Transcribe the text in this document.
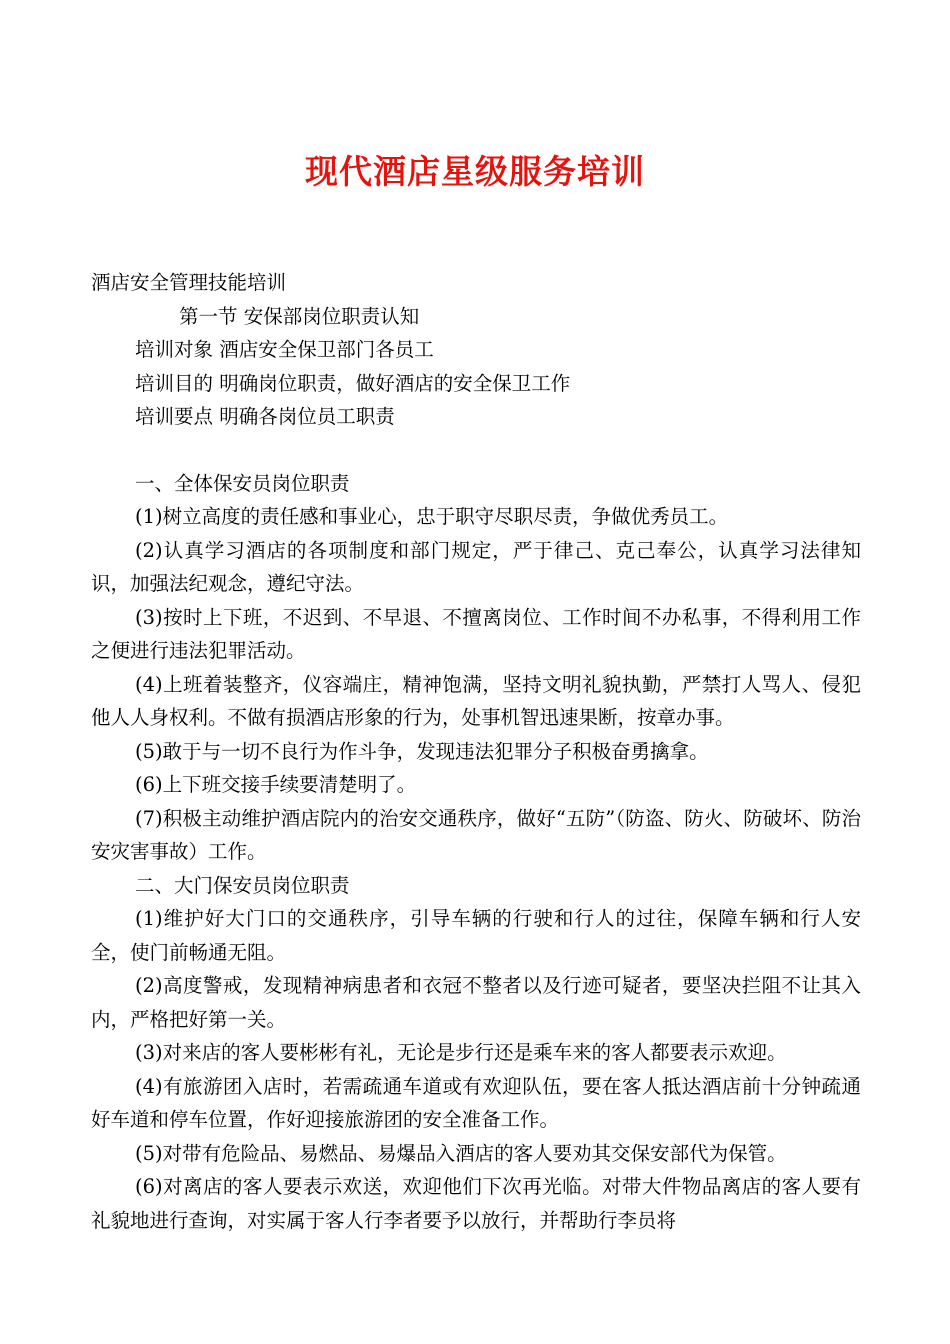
现代酒店星级服务培训

酒店安全管理技能培训

第一节 安保部岗位职责认知

培训对象 酒店安全保卫部门各员工

培训目的 明确岗位职责，做好酒店的安全保卫工作

培训要点 明确各岗位员工职责

一、全体保安员岗位职责

(1)树立高度的责任感和事业心，忠于职守尽职尽责，争做优秀员工。

(2)认真学习酒店的各项制度和部门规定，严于律己、克己奉公，认真学习法律知识，加强法纪观念，遵纪守法。

(3)按时上下班，不迟到、不早退、不擅离岗位、工作时间不办私事，不得利用工作之便进行违法犯罪活动。

(4)上班着装整齐，仪容端庄，精神饱满，坚持文明礼貌执勤，严禁打人骂人、侵犯他人人身权利。不做有损酒店形象的行为，处事机智迅速果断，按章办事。

(5)敢于与一切不良行为作斗争，发现违法犯罪分子积极奋勇擒拿。

(6)上下班交接手续要清楚明了。

(7)积极主动维护酒店院内的治安交通秩序，做好“五防”（防盗、防火、防破坏、防治安灾害事故）工作。

二、大门保安员岗位职责

(1)维护好大门口的交通秩序，引导车辆的行驶和行人的过往，保障车辆和行人安全，使门前畅通无阻。

(2)高度警戒，发现精神病患者和衣冠不整者以及行迹可疑者，要坚决拦阻不让其入内，严格把好第一关。

(3)对来店的客人要彬彬有礼，无论是步行还是乘车来的客人都要表示欢迎。

(4)有旅游团入店时，若需疏通车道或有欢迎队伍，要在客人抵达酒店前十分钟疏通好车道和停车位置，作好迎接旅游团的安全准备工作。

(5)对带有危险品、易燃品、易爆品入酒店的客人要劝其交保安部代为保管。

(6)对离店的客人要表示欢送，欢迎他们下次再光临。对带大件物品离店的客人要有礼貌地进行查询，对实属于客人行李者要予以放行，并帮助行李员将
